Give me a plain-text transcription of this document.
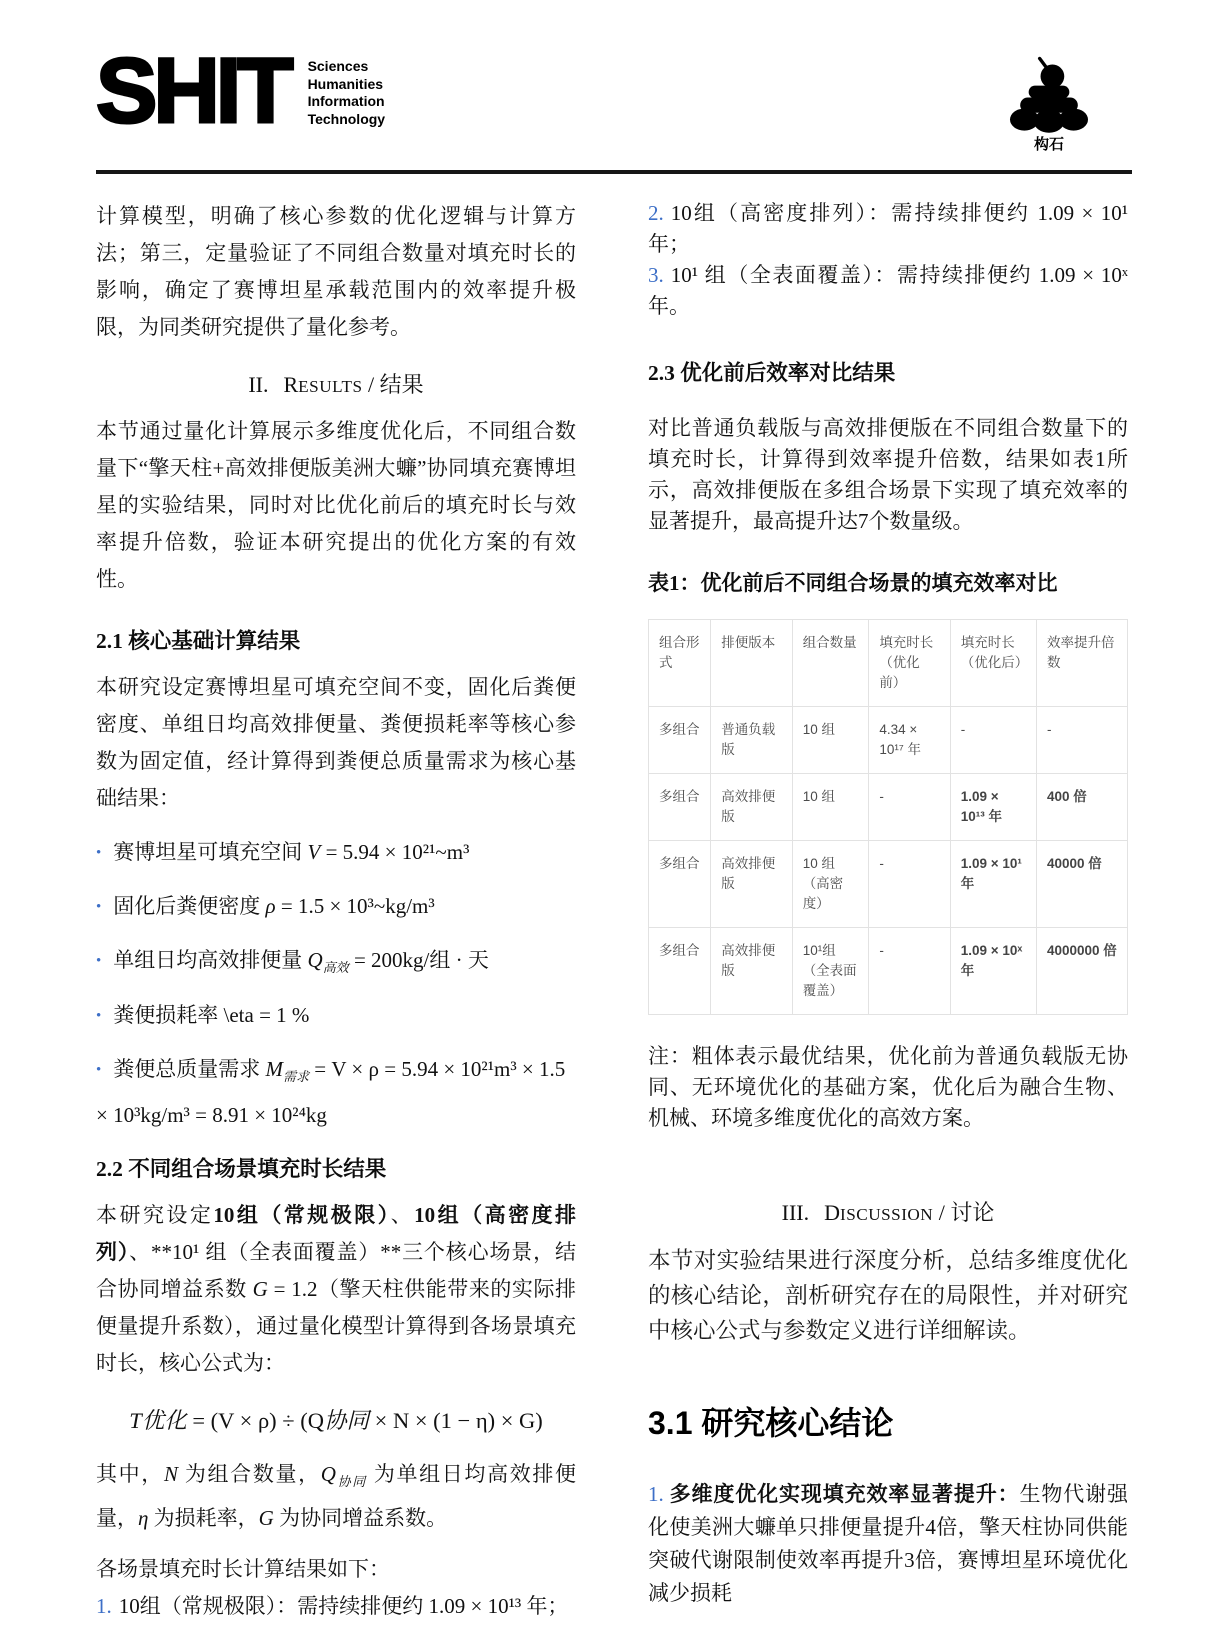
SHIT Sciences
Humanities
Information
Technology
构石

计算模型，明确了核心参数的优化逻辑与计算方法；第三，定量验证了不同组合数量对填充时长的影响，确定了赛博坦星承载范围内的效率提升极限，为同类研究提供了量化参考。

II. RESULTS / 结果

本节通过量化计算展示多维度优化后，不同组合数量下“擎天柱+高效排便版美洲大蠊”协同填充赛博坦星的实验结果，同时对比优化前后的填充时长与效率提升倍数，验证本研究提出的优化方案的有效性。

2.1 核心基础计算结果

本研究设定赛博坦星可填充空间不变，固化后粪便密度、单组日均高效排便量、粪便损耗率等核心参数为固定值，经计算得到粪便总质量需求为核心基础结果：

• 赛博坦星可填充空间 V = 5.94 × 10²¹~m³
• 固化后粪便密度 ρ = 1.5 × 10³~kg/m³
• 单组日均高效排便量 $Q_{高效} = 200kg/$组 · 天
• 粪便损耗率 \eta = 1 %
• 粪便总质量需求 $M_{需求} = V \times \rho = 5.94 \times 10^{21}m^3 \times 1.5 \times 10^3kg/m^3 = 8.91 \times 10^{24}kg$
2.2 不同组合场景填充时长结果

本研究设定10组（常规极限）、10组（高密度排列）、**10¹ 组（全表面覆盖）**三个核心场景，结合协同增益系数 G = 1.2（擎天柱供能带来的实际排便量提升系数），通过量化模型计算得到各场景填充时长，核心公式为：

T优化 = (V × ρ) ÷ (Q协同 × N × (1 − η) × G)

其中，N 为组合数量，$Q_{协同}$ 为单组日均高效排便量，η 为损耗率，G 为协同增益系数。

各场景填充时长计算结果如下：

1. 10组（常规极限）：需持续排便约 1.09 × 10¹³ 年；

2. 10组（高密度排列）：需持续排便约 1.09 × 10¹ 年；

3. 10¹ 组（全表面覆盖）：需持续排便约 1.09 × 10ˣ 年。

2.3 优化前后效率对比结果

对比普通负载版与高效排便版在不同组合数量下的填充时长，计算得到效率提升倍数，结果如表1所示，高效排便版在多组合场景下实现了填充效率的显著提升，最高提升达7个数量级。

表1：优化前后不同组合场景的填充效率对比

组合形式	排便版本	组合数量	填充时长（优化前）	填充时长（优化后）	效率提升倍数
多组合	普通负载版	10 组	4.34 × 10¹⁷ 年	-	-
多组合	高效排便版	10 组	-	1.09 × 10¹³ 年	400 倍
多组合	高效排便版	10 组（高密度）	-	1.09 × 10¹ 年	40000 倍
多组合	高效排便版	10¹组（全表面覆盖）	-	1.09 × 10ˣ 年	4000000 倍

注：粗体表示最优结果，优化前为普通负载版无协同、无环境优化的基础方案，优化后为融合生物、机械、环境多维度优化的高效方案。

III. DISCUSSION / 讨论

本节对实验结果进行深度分析，总结多维度优化的核心结论，剖析研究存在的局限性，并对研究中核心公式与参数定义进行详细解读。

3.1 研究核心结论

1. 多维度优化实现填充效率显著提升：生物代谢强化使美洲大蠊单只排便量提升4倍，擎天柱协同供能突破代谢限制使效率再提升3倍，赛博坦星环境优化减少损耗
